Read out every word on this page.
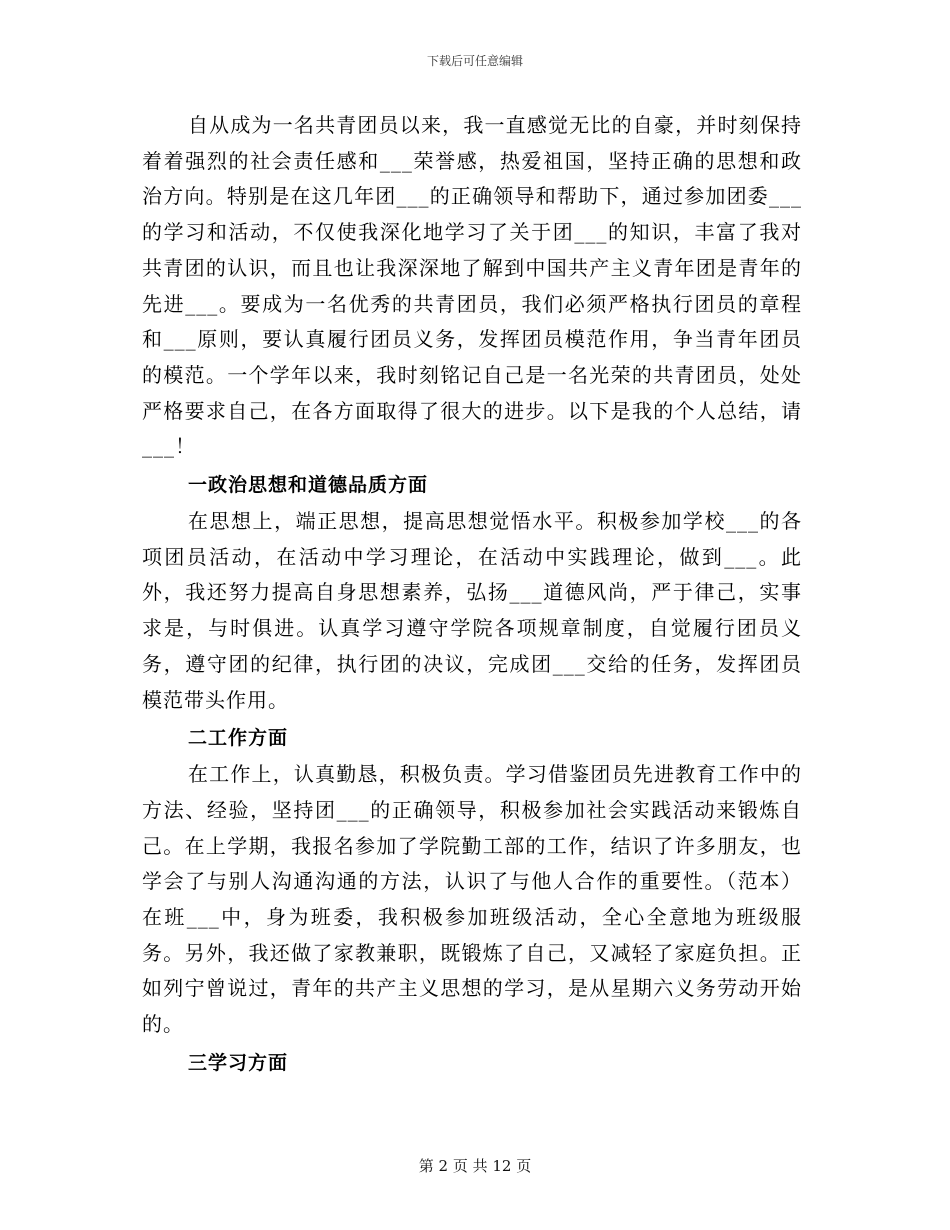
下载后可任意编辑

自从成为一名共青团员以来，我一直感觉无比的自豪，并时刻保持着着强烈的社会责任感和___荣誉感，热爱祖国，坚持正确的思想和政治方向。特别是在这几年团___的正确领导和帮助下，通过参加团委___的学习和活动，不仅使我深化地学习了关于团___的知识，丰富了我对共青团的认识，而且也让我深深地了解到中国共产主义青年团是青年的先进___。要成为一名优秀的共青团员，我们必须严格执行团员的章程和___原则，要认真履行团员义务，发挥团员模范作用，争当青年团员的模范。一个学年以来，我时刻铭记自己是一名光荣的共青团员，处处严格要求自己，在各方面取得了很大的进步。以下是我的个人总结，请___！

一政治思想和道德品质方面

在思想上，端正思想，提高思想觉悟水平。积极参加学校___的各项团员活动，在活动中学习理论，在活动中实践理论，做到___。此外，我还努力提高自身思想素养，弘扬___道德风尚，严于律己，实事求是，与时俱进。认真学习遵守学院各项规章制度，自觉履行团员义务，遵守团的纪律，执行团的决议，完成团___交给的任务，发挥团员模范带头作用。

二工作方面

在工作上，认真勤恳，积极负责。学习借鉴团员先进教育工作中的方法、经验，坚持团___的正确领导，积极参加社会实践活动来锻炼自己。在上学期，我报名参加了学院勤工部的工作，结识了许多朋友，也学会了与别人沟通沟通的方法，认识了与他人合作的重要性。（范本）在班___中，身为班委，我积极参加班级活动，全心全意地为班级服务。另外，我还做了家教兼职，既锻炼了自己，又减轻了家庭负担。正如列宁曾说过，青年的共产主义思想的学习，是从星期六义务劳动开始的。

三学习方面
第 2 页 共 12 页
